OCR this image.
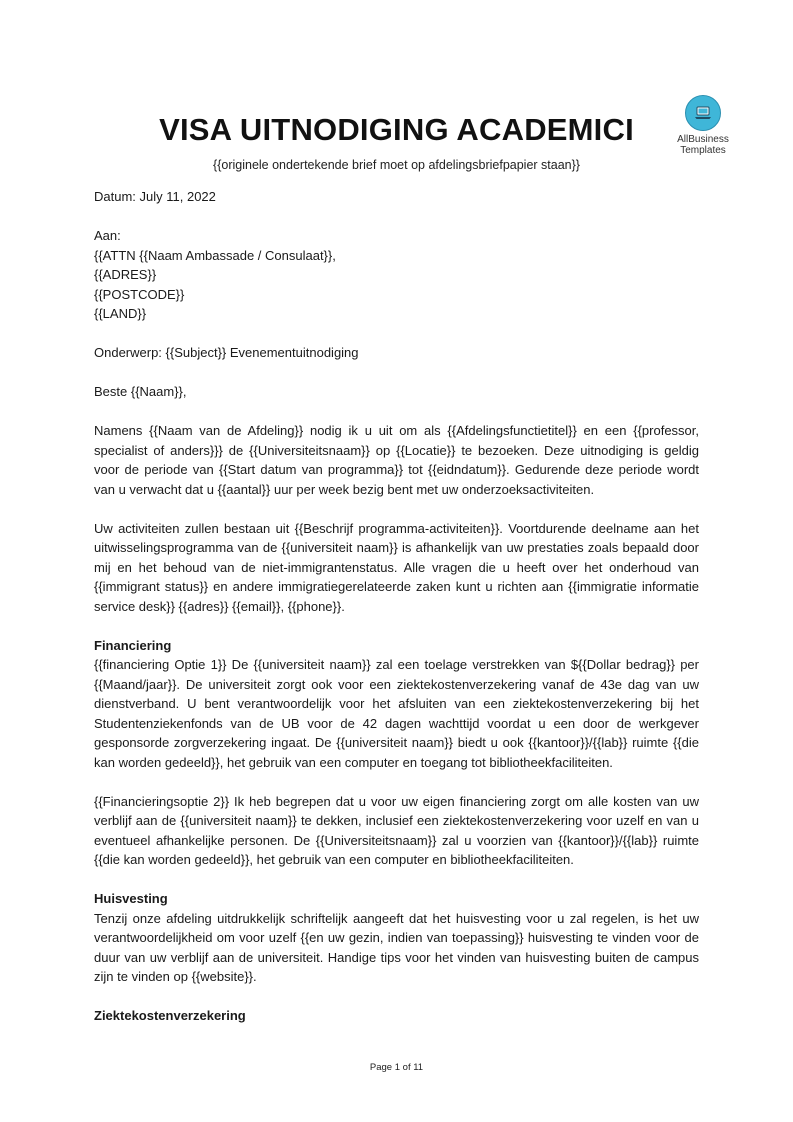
AllBusiness
Templates
VISA UITNODIGING ACADEMICI
{{originele ondertekende brief moet op afdelingsbriefpapier staan}}

Datum: July 11, 2022

Aan:

{{ATTN {{Naam Ambassade / Consulaat}},

{{ADRES}}

{{POSTCODE}}

{{LAND}}

Onderwerp: {{Subject}} Evenementuitnodiging

Beste {{Naam}},

Namens {{Naam van de Afdeling}} nodig ik u uit om als {{Afdelingsfunctietitel}} en een {{professor, specialist of anders}}} de {{Universiteitsnaam}} op {{Locatie}} te bezoeken. Deze uitnodiging is geldig voor de periode van {{Start datum van programma}} tot {{eidndatum}}. Gedurende deze periode wordt van u verwacht dat u {{aantal}} uur per week bezig bent met uw onderzoeksactiviteiten.

Uw activiteiten zullen bestaan uit {{Beschrijf programma-activiteiten}}. Voortdurende deelname aan het uitwisselingsprogramma van de {{universiteit naam}} is afhankelijk van uw prestaties zoals bepaald door mij en het behoud van de niet-immigrantenstatus. Alle vragen die u heeft over het onderhoud van {{immigrant status}} en andere immigratiegerelateerde zaken kunt u richten aan {{immigratie informatie service desk}} {{adres}} {{email}}, {{phone}}.

Financiering

{{financiering Optie 1}} De {{universiteit naam}} zal een toelage verstrekken van ${{Dollar bedrag}} per {{Maand/jaar}}. De universiteit zorgt ook voor een ziektekostenverzekering vanaf de 43e dag van uw dienstverband. U bent verantwoordelijk voor het afsluiten van een ziektekostenverzekering bij het Studentenziekenfonds van de UB voor de 42 dagen wachttijd voordat u een door de werkgever gesponsorde zorgverzekering ingaat. De {{universiteit naam}} biedt u ook {{kantoor}}/{{lab}} ruimte {{die kan worden gedeeld}}, het gebruik van een computer en toegang tot bibliotheekfaciliteiten.

{{Financieringsoptie 2}} Ik heb begrepen dat u voor uw eigen financiering zorgt om alle kosten van uw verblijf aan de {{universiteit naam}} te dekken, inclusief een ziektekostenverzekering voor uzelf en van u eventueel afhankelijke personen. De {{Universiteitsnaam}} zal u voorzien van {{kantoor}}/{{lab}} ruimte {{die kan worden gedeeld}}, het gebruik van een computer en bibliotheekfaciliteiten.

Huisvesting

Tenzij onze afdeling uitdrukkelijk schriftelijk aangeeft dat het huisvesting voor u zal regelen, is het uw verantwoordelijkheid om voor uzelf {{en uw gezin, indien van toepassing}} huisvesting te vinden voor de duur van uw verblijf aan de universiteit. Handige tips voor het vinden van huisvesting buiten de campus zijn te vinden op {{website}}.

Ziektekostenverzekering

Page 1 of 11
